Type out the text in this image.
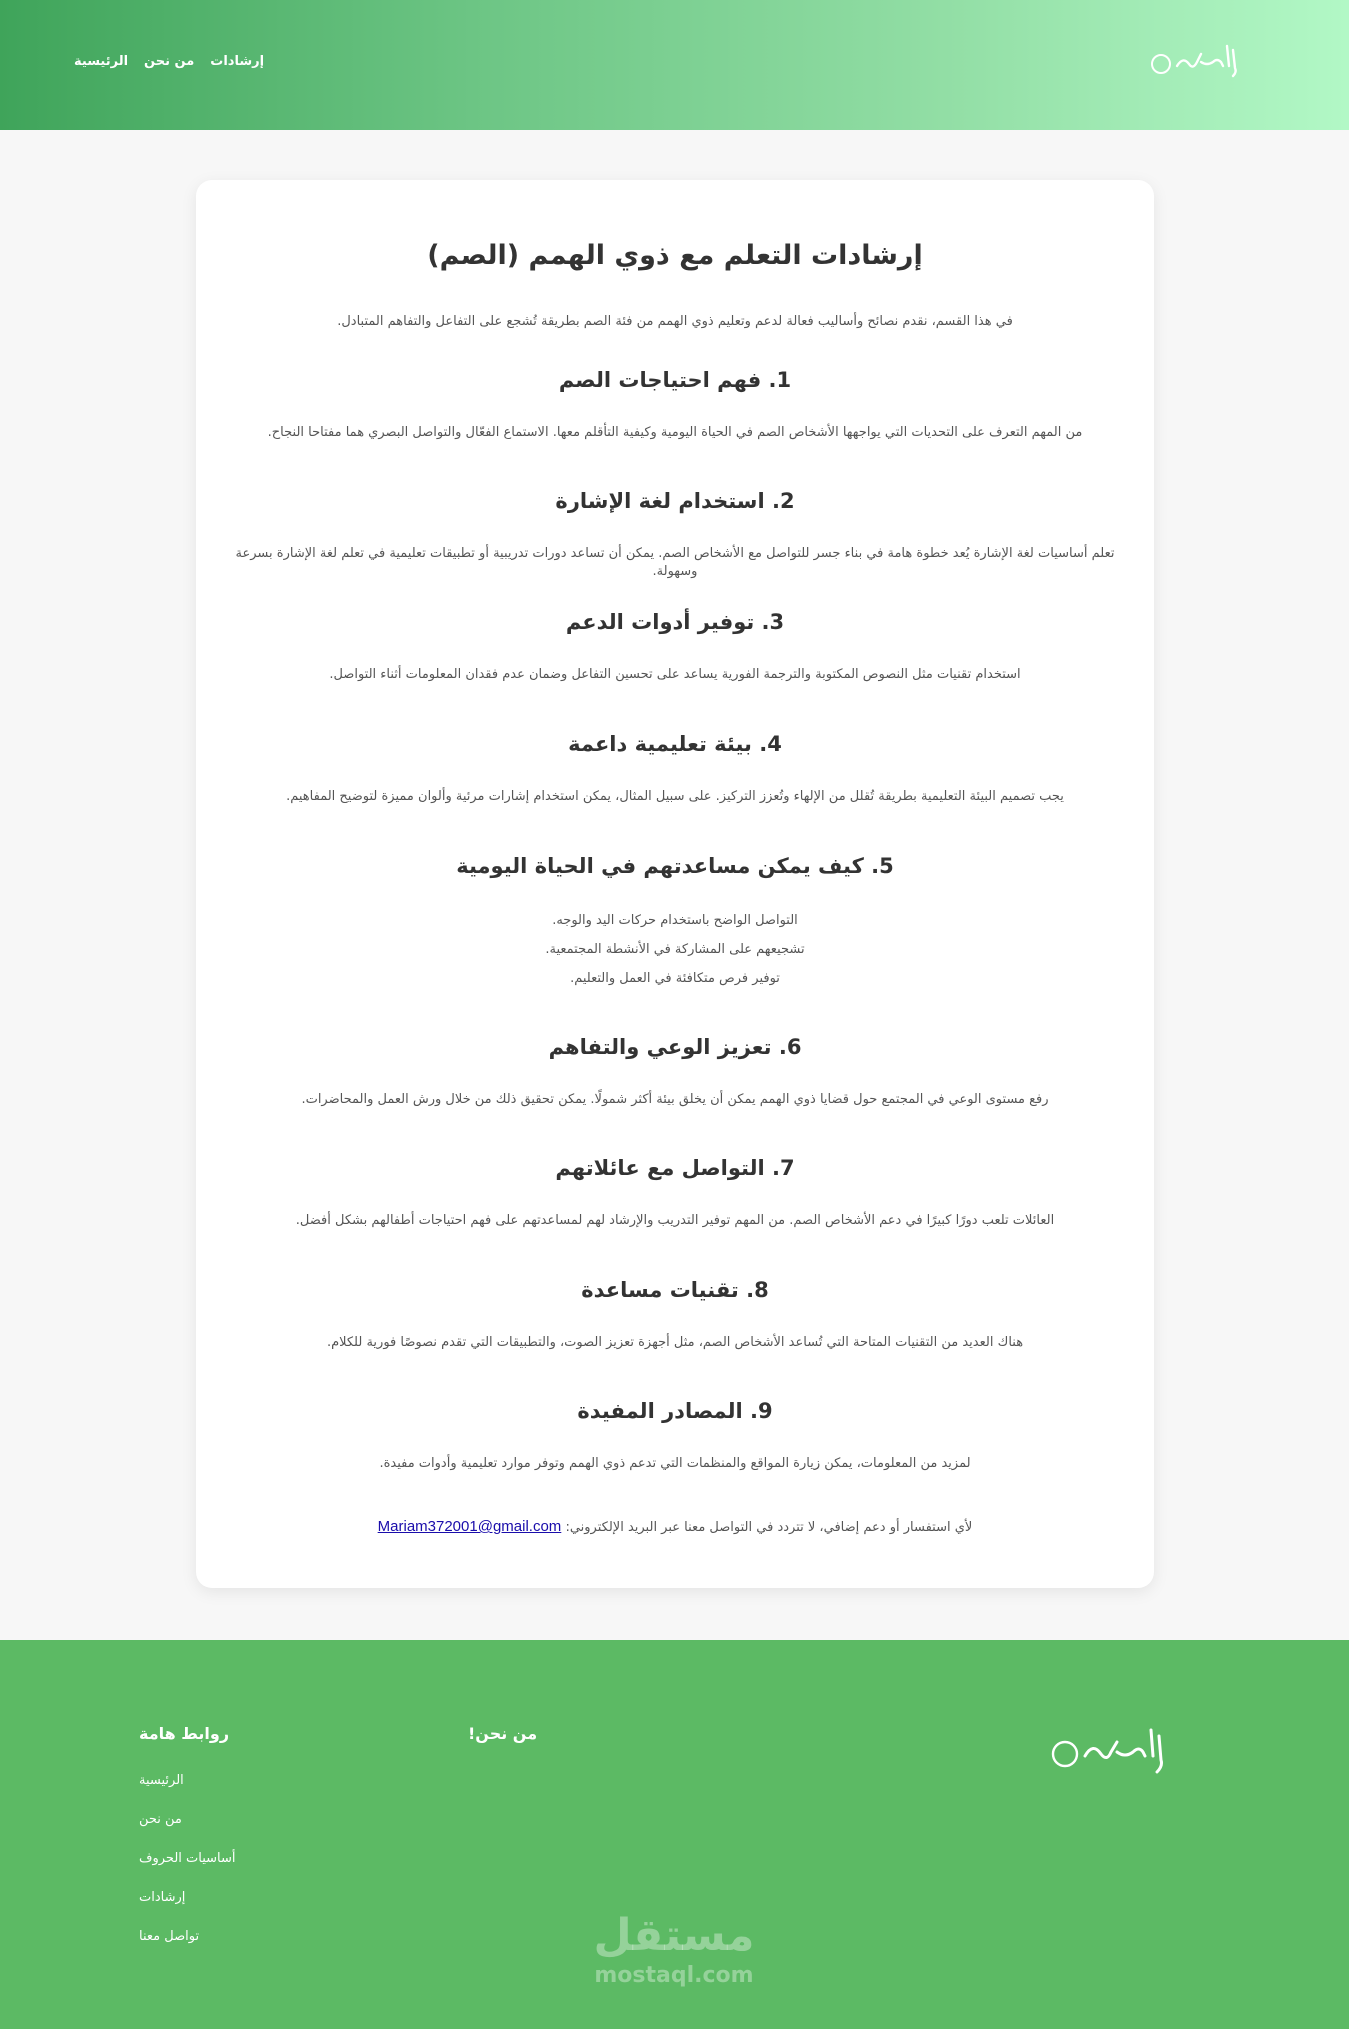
الرئيسية من نحن إرشادات
إرشادات التعلم مع ذوي الهمم (الصم)

في هذا القسم، نقدم نصائح وأساليب فعالة لدعم وتعليم ذوي الهمم من فئة الصم بطريقة تُشجع على التفاعل والتفاهم المتبادل.

1. فهم احتياجات الصم

من المهم التعرف على التحديات التي يواجهها الأشخاص الصم في الحياة اليومية وكيفية التأقلم معها. الاستماع الفعّال والتواصل البصري هما مفتاحا النجاح.

2. استخدام لغة الإشارة

تعلم أساسيات لغة الإشارة يُعد خطوة هامة في بناء جسر للتواصل مع الأشخاص الصم. يمكن أن تساعد دورات تدريبية أو تطبيقات تعليمية في تعلم لغة الإشارة بسرعة وسهولة.

3. توفير أدوات الدعم

استخدام تقنيات مثل النصوص المكتوبة والترجمة الفورية يساعد على تحسين التفاعل وضمان عدم فقدان المعلومات أثناء التواصل.

4. بيئة تعليمية داعمة

يجب تصميم البيئة التعليمية بطريقة تُقلل من الإلهاء وتُعزز التركيز. على سبيل المثال، يمكن استخدام إشارات مرئية وألوان مميزة لتوضيح المفاهيم.

5. كيف يمكن مساعدتهم في الحياة اليومية
التواصل الواضح باستخدام حركات اليد والوجه.
تشجيعهم على المشاركة في الأنشطة المجتمعية.
توفير فرص متكافئة في العمل والتعليم.
6. تعزيز الوعي والتفاهم

رفع مستوى الوعي في المجتمع حول قضايا ذوي الهمم يمكن أن يخلق بيئة أكثر شمولًا. يمكن تحقيق ذلك من خلال ورش العمل والمحاضرات.

7. التواصل مع عائلاتهم

العائلات تلعب دورًا كبيرًا في دعم الأشخاص الصم. من المهم توفير التدريب والإرشاد لهم لمساعدتهم على فهم احتياجات أطفالهم بشكل أفضل.

8. تقنيات مساعدة

هناك العديد من التقنيات المتاحة التي تُساعد الأشخاص الصم، مثل أجهزة تعزيز الصوت، والتطبيقات التي تقدم نصوصًا فورية للكلام.

9. المصادر المفيدة

لمزيد من المعلومات، يمكن زيارة المواقع والمنظمات التي تدعم ذوي الهمم وتوفر موارد تعليمية وأدوات مفيدة.

لأي استفسار أو دعم إضافي، لا تتردد في التواصل معنا عبر البريد الإلكتروني: Mariam372001@gmail.com

من نحن!
روابط هامة
الرئيسية
من نحن
أساسيات الحروف
إرشادات
تواصل معنا	مستقل
mostaql.com
